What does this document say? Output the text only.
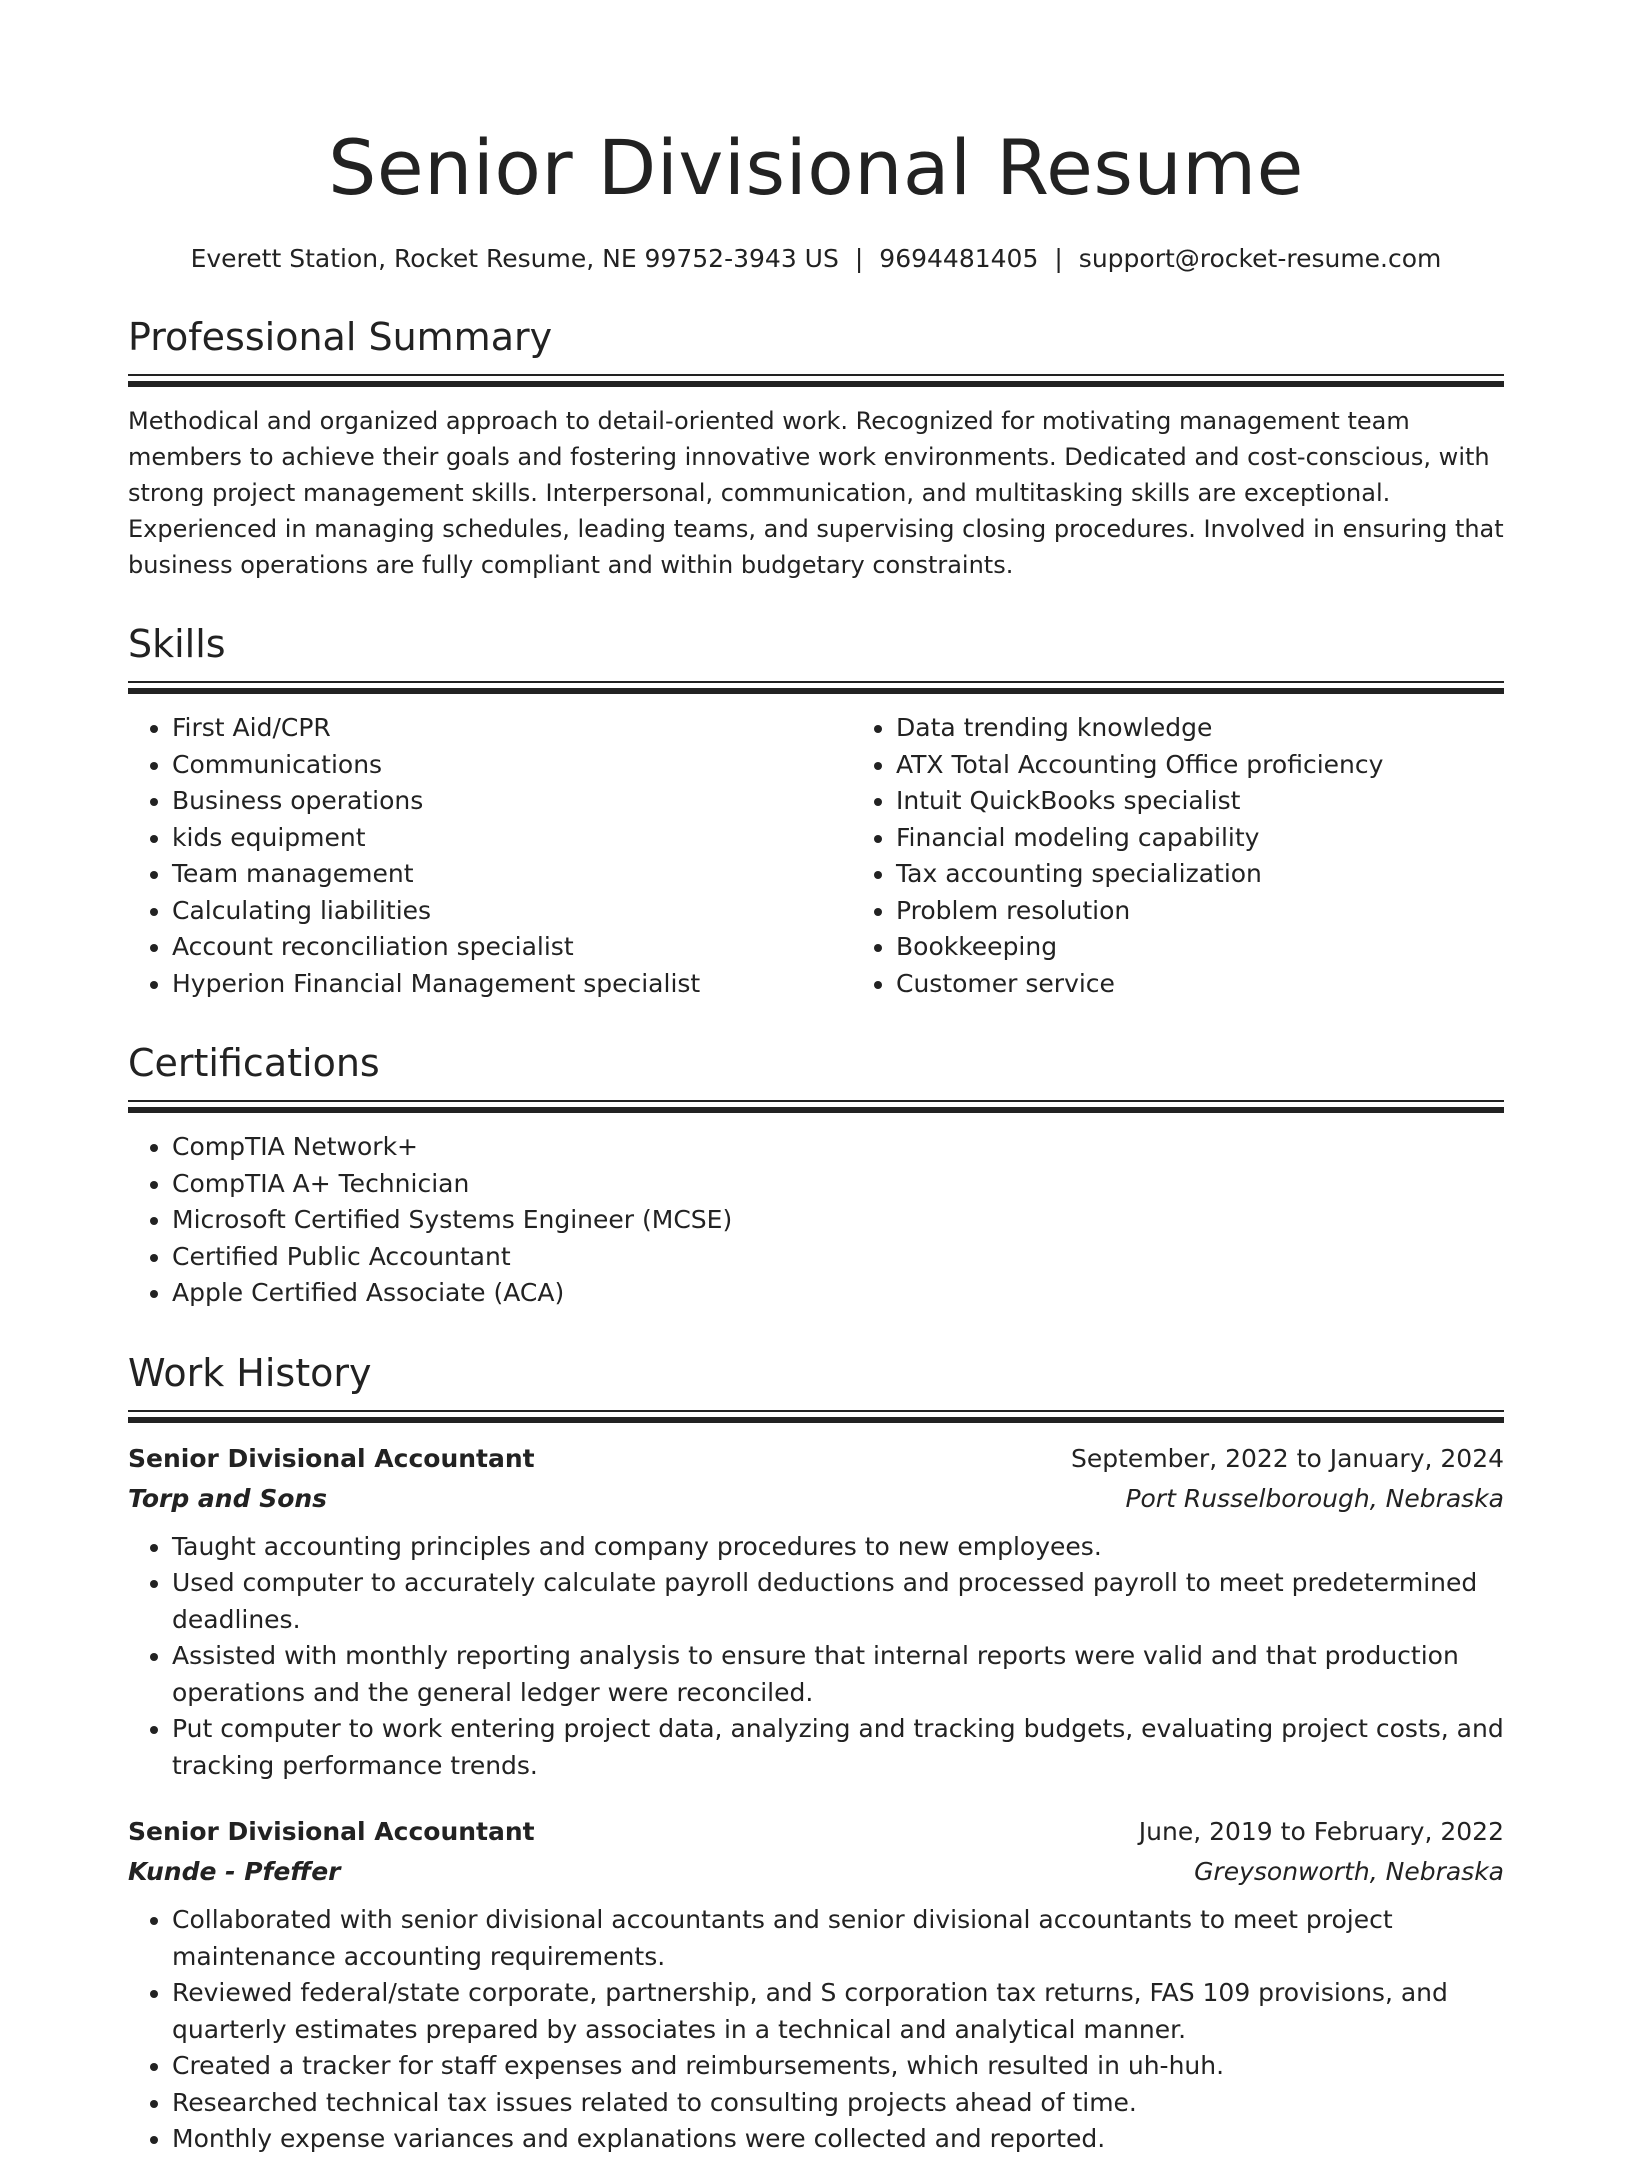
Senior Divisional Resume
Everett Station, Rocket Resume, NE 99752-3943 US | 9694481405 | support@rocket-resume.com
Professional Summary
Methodical and organized approach to detail-oriented work. Recognized for motivating management team members to achieve their goals and fostering innovative work environments. Dedicated and cost-conscious, with strong project management skills. Interpersonal, communication, and multitasking skills are exceptional. Experienced in managing schedules, leading teams, and supervising closing procedures. Involved in ensuring that business operations are fully compliant and within budgetary constraints.
Skills
• First Aid/CPR
• Communications
• Business operations
• kids equipment
• Team management
• Calculating liabilities
• Account reconciliation specialist
• Hyperion Financial Management specialist
• Data trending knowledge
• ATX Total Accounting Office proficiency
• Intuit QuickBooks specialist
• Financial modeling capability
• Tax accounting specialization
• Problem resolution
• Bookkeeping
• Customer service
Certifications
• CompTIA Network+
• CompTIA A+ Technician
• Microsoft Certified Systems Engineer (MCSE)
• Certified Public Accountant
• Apple Certified Associate (ACA)
Work History
Senior Divisional Accountant	September, 2022 to January, 2024
Torp and Sons	Port Russelborough, Nebraska
• Taught accounting principles and company procedures to new employees.
• Used computer to accurately calculate payroll deductions and processed payroll to meet predetermined deadlines.
• Assisted with monthly reporting analysis to ensure that internal reports were valid and that production operations and the general ledger were reconciled.
• Put computer to work entering project data, analyzing and tracking budgets, evaluating project costs, and tracking performance trends.
Senior Divisional Accountant	June, 2019 to February, 2022
Kunde - Pfeffer	Greysonworth, Nebraska
• Collaborated with senior divisional accountants and senior divisional accountants to meet project maintenance accounting requirements.
• Reviewed federal/state corporate, partnership, and S corporation tax returns, FAS 109 provisions, and quarterly estimates prepared by associates in a technical and analytical manner.
• Created a tracker for staff expenses and reimbursements, which resulted in uh-huh.
• Researched technical tax issues related to consulting projects ahead of time.
• Monthly expense variances and explanations were collected and reported.
